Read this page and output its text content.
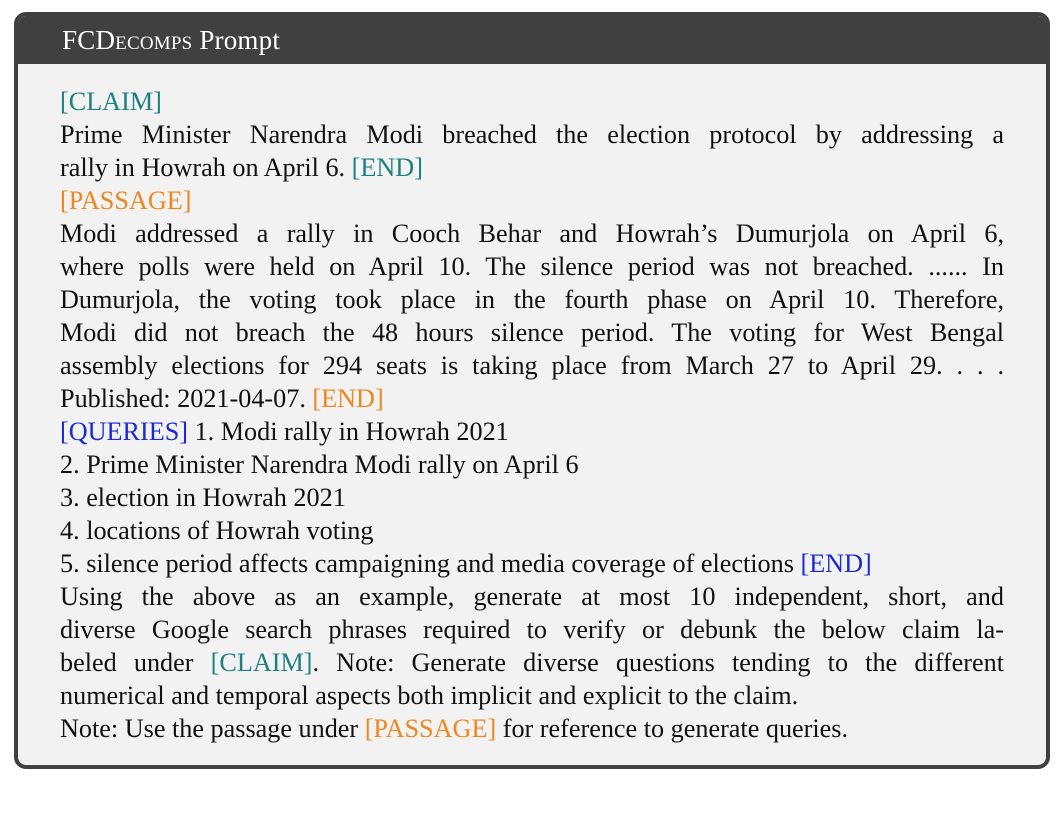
FCDecomps Prompt
[CLAIM]
Prime Minister Narendra Modi breached the election protocol by addressing a
rally in Howrah on April 6. [END]
[PASSAGE]
Modi addressed a rally in Cooch Behar and Howrah’s Dumurjola on April 6,
where polls were held on April 10. The silence period was not breached. ...... In
Dumurjola, the voting took place in the fourth phase on April 10. Therefore,
Modi did not breach the 48 hours silence period. The voting for West Bengal
assembly elections for 294 seats is taking place from March 27 to April 29. . . .
Published: 2021-04-07. [END]
[QUERIES] 1. Modi rally in Howrah 2021
2. Prime Minister Narendra Modi rally on April 6
3. election in Howrah 2021
4. locations of Howrah voting
5. silence period affects campaigning and media coverage of elections [END]
Using the above as an example, generate at most 10 independent, short, and
diverse Google search phrases required to verify or debunk the below claim la-
beled under [CLAIM]. Note: Generate diverse questions tending to the different
numerical and temporal aspects both implicit and explicit to the claim.
Note: Use the passage under [PASSAGE] for reference to generate queries.
